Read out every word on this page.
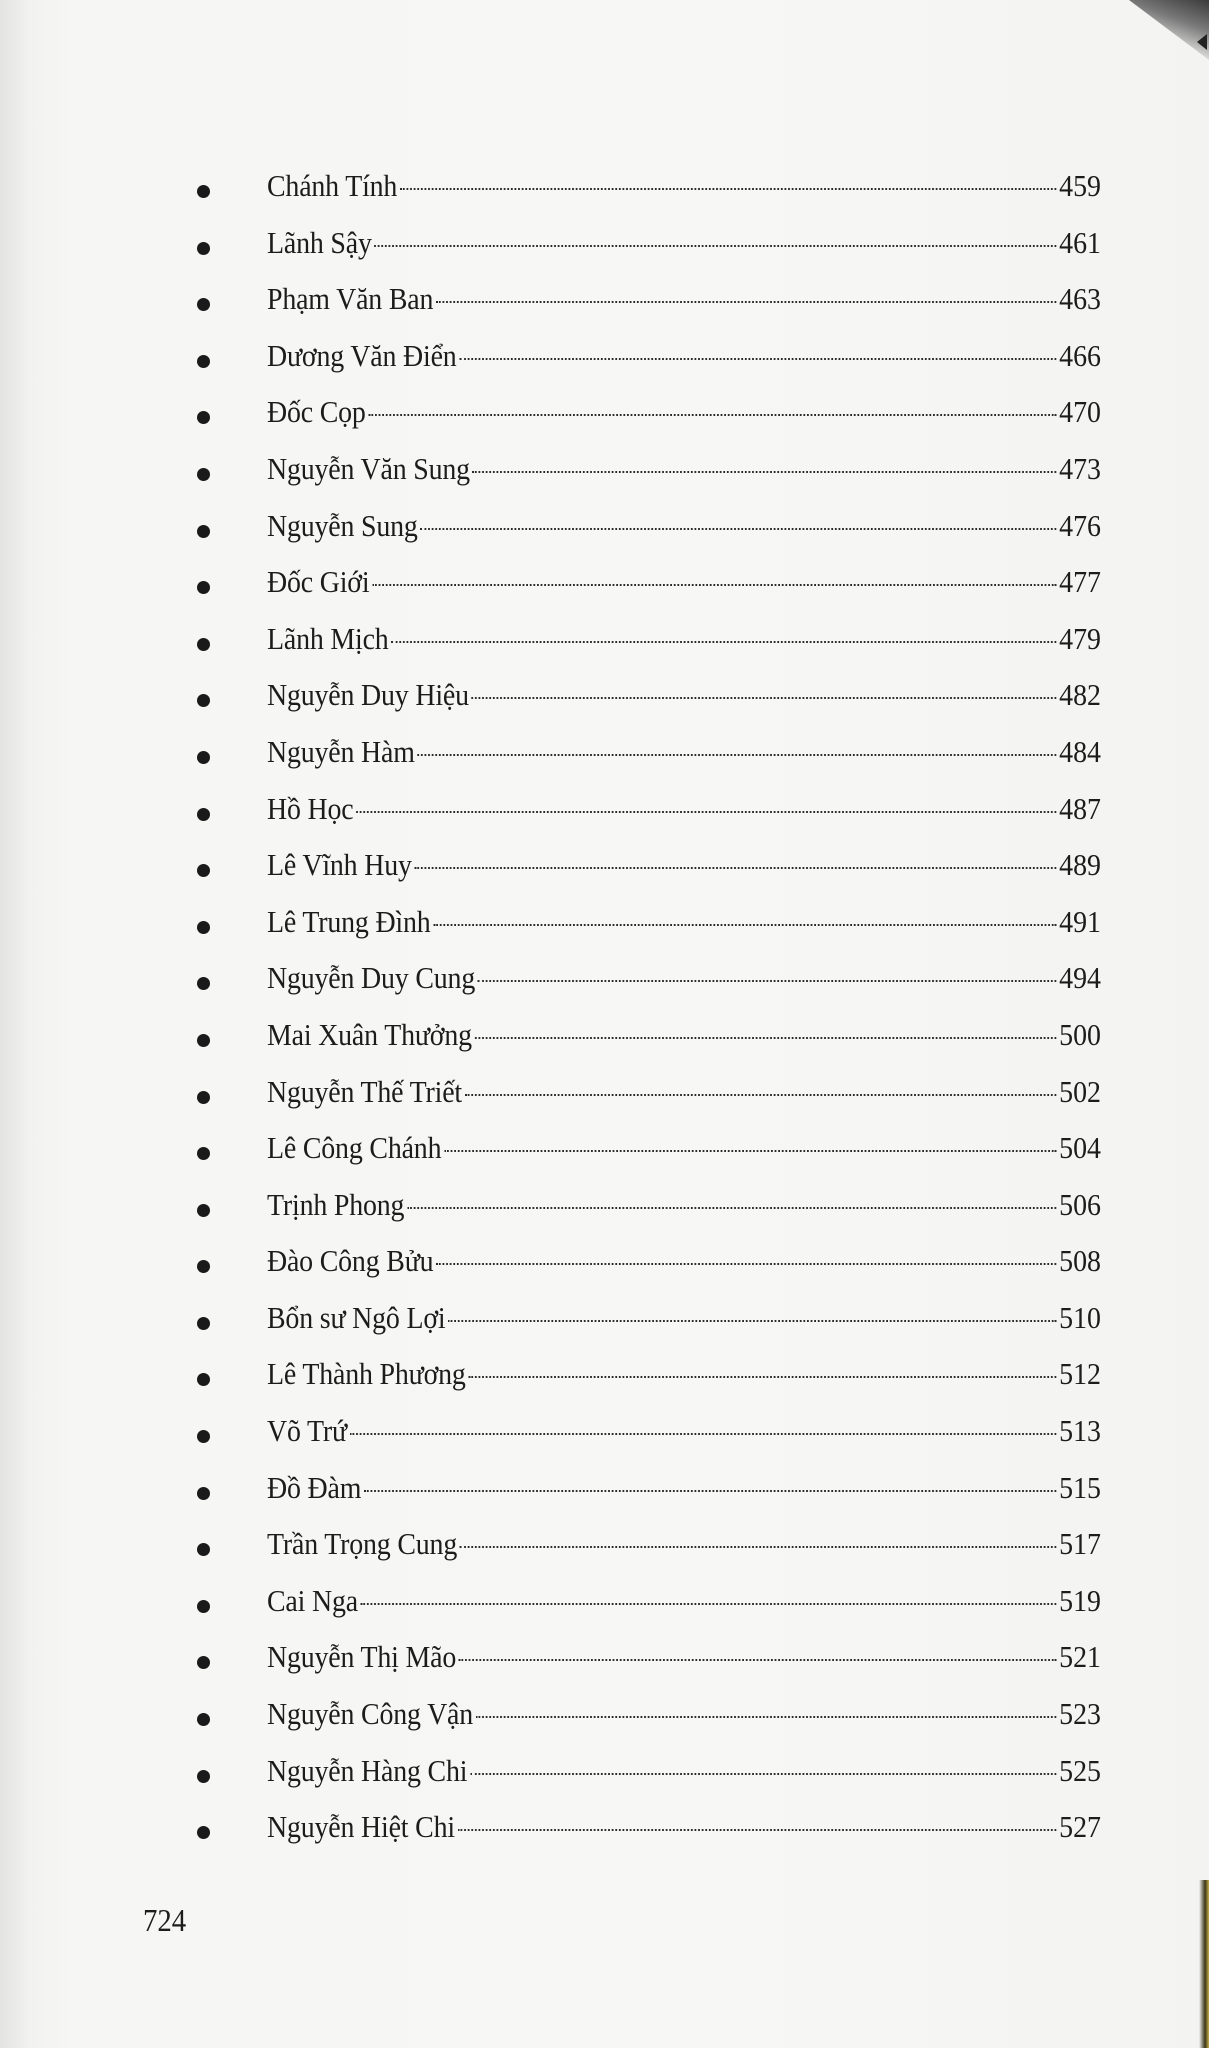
Chánh Tính	459
Lãnh Sậy	461
Phạm Văn Ban	463
Dương Văn Điển	466
Đốc Cọp	470
Nguyễn Văn Sung	473
Nguyễn Sung	476
Đốc Giới	477
Lãnh Mịch	479
Nguyễn Duy Hiệu	482
Nguyễn Hàm	484
Hồ Học	487
Lê Vĩnh Huy	489
Lê Trung Đình	491
Nguyễn Duy Cung	494
Mai Xuân Thưởng	500
Nguyễn Thế Triết	502
Lê Công Chánh	504
Trịnh Phong	506
Đào Công Bửu	508
Bổn sư Ngô Lợi	510
Lê Thành Phương	512
Võ Trứ	513
Đồ Đàm	515
Trần Trọng Cung	517
Cai Nga	519
Nguyễn Thị Mão	521
Nguyễn Công Vận	523
Nguyễn Hàng Chi	525
Nguyễn Hiệt Chi	527
724
